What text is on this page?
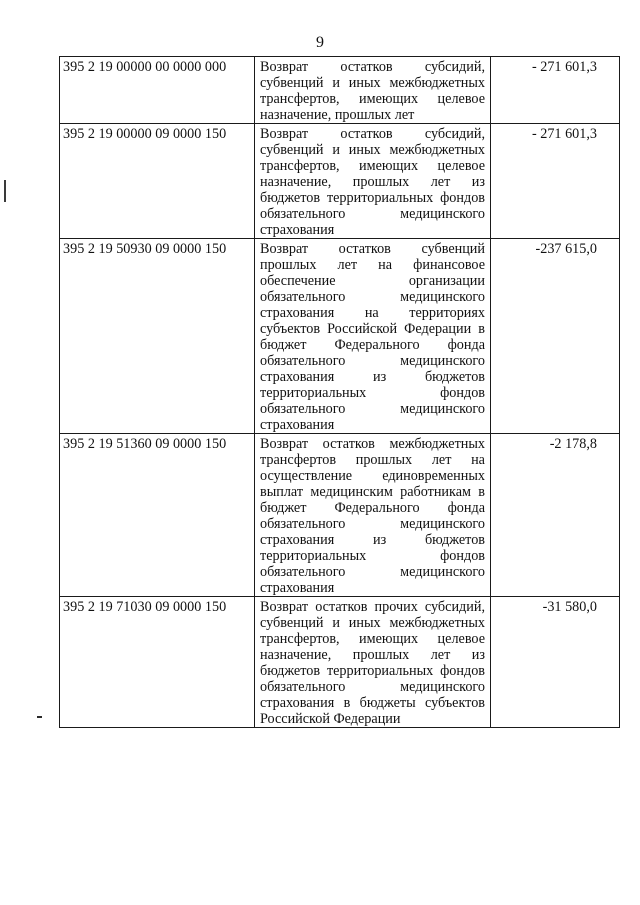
9
395 2 19 00000 00 0000 000	Возврат остатков субсидий, субвенций и иных межбюджетных трансфертов, имеющих целевое назначение, прошлых лет	- 271 601,3
395 2 19 00000 09 0000 150	Возврат остатков субсидий, субвенций и иных межбюджетных трансфертов, имеющих целевое назначение, прошлых лет из бюджетов территориальных фондов обязательного медицинского страхования	- 271 601,3
395 2 19 50930 09 0000 150	Возврат остатков субвенций прошлых лет на финансовое обеспечение организации обязательного медицинского страхования на территориях субъектов Российской Федерации в бюджет Федерального фонда обязательного медицинского страхования из бюджетов территориальных фондов обязательного медицинского страхования	-237 615,0
395 2 19 51360 09 0000 150	Возврат остатков межбюджетных трансфертов прошлых лет на осуществление единовременных выплат медицинским работникам в бюджет Федерального фонда обязательного медицинского страхования из бюджетов территориальных фондов обязательного медицинского страхования	-2 178,8
395 2 19 71030 09 0000 150	Возврат остатков прочих субсидий, субвенций и иных межбюджетных трансфертов, имеющих целевое назначение, прошлых лет из бюджетов территориальных фондов обязательного медицинского страхования в бюджеты субъектов Российской Федерации	-31 580,0
